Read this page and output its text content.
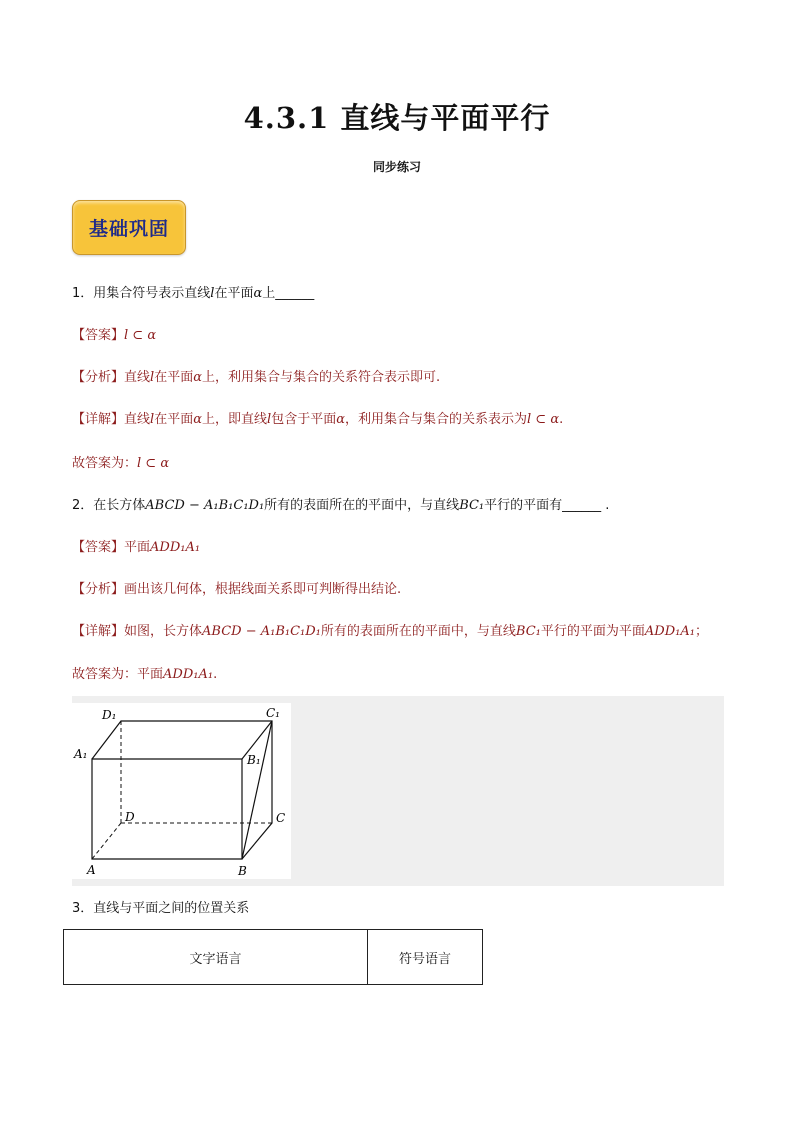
4.3.1 直线与平面平行
同步练习
基础巩固
1．用集合符号表示直线l在平面α上______
【答案】l ⊂ α
【分析】直线l在平面α上，利用集合与集合的关系符合表示即可.
【详解】直线l在平面α上，即直线l包含于平面α，利用集合与集合的关系表示为l ⊂ α.
故答案为：l ⊂ α
2．在长方体ABCD − A₁B₁C₁D₁所有的表面所在的平面中，与直线BC₁平行的平面有______ .
【答案】平面ADD₁A₁
【分析】画出该几何体，根据线面关系即可判断得出结论.
【详解】如图，长方体ABCD − A₁B₁C₁D₁所有的表面所在的平面中，与直线BC₁平行的平面为平面ADD₁A₁；
故答案为：平面ADD₁A₁.
D₁	C₁
A₁	B₁
D	C
A	B
3．直线与平面之间的位置关系
文字语言	符号语言
